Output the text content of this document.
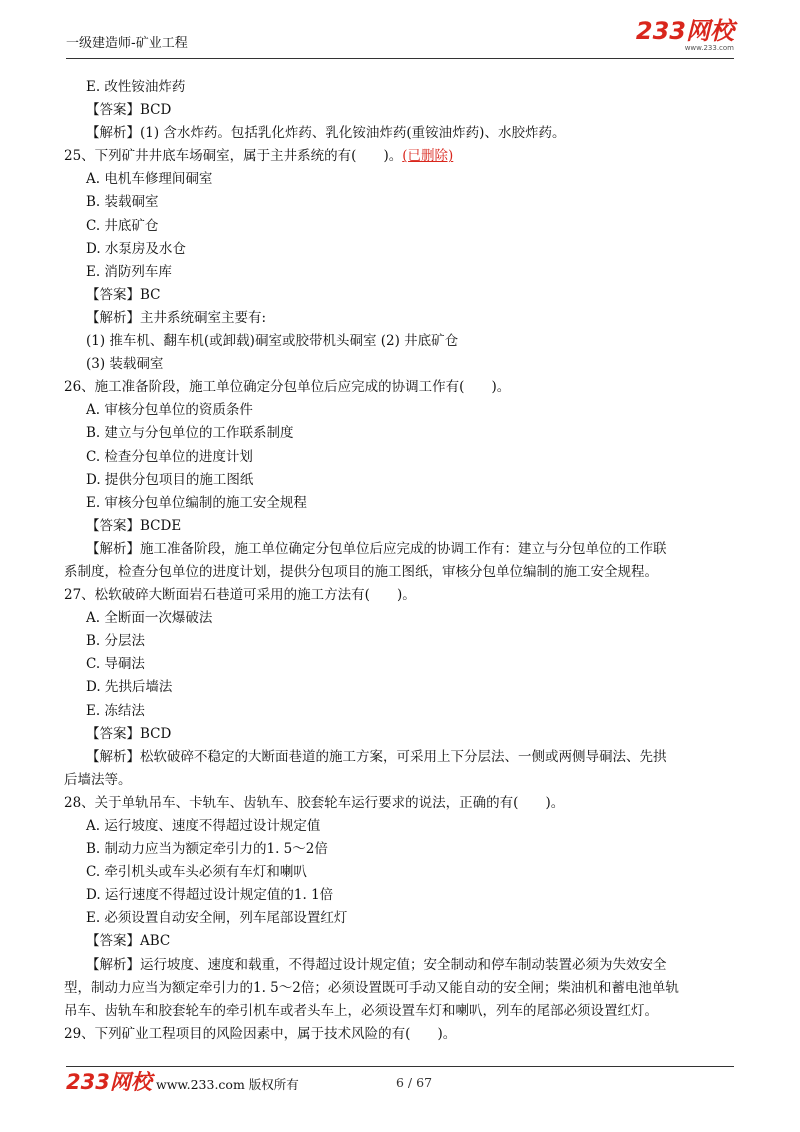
一级建造师-矿业工程	233网校
www.233.com
E. 改性铵油炸药
【答案】BCD
【解析】(1) 含水炸药。包括乳化炸药、乳化铵油炸药(重铵油炸药)、水胶炸药。
25、下列矿井井底车场硐室，属于主井系统的有(　　)。(已删除)
A. 电机车修理间硐室
B. 装载硐室
C. 井底矿仓
D. 水泵房及水仓
E. 消防列车库
【答案】BC
【解析】主井系统硐室主要有:
(1) 推车机、翻车机(或卸载)硐室或胶带机头硐室 (2) 井底矿仓
(3) 装载硐室
26、施工准备阶段，施工单位确定分包单位后应完成的协调工作有(　　)。
A. 审核分包单位的资质条件
B. 建立与分包单位的工作联系制度
C. 检查分包单位的进度计划
D. 提供分包项目的施工图纸
E. 审核分包单位编制的施工安全规程
【答案】BCDE
【解析】施工准备阶段，施工单位确定分包单位后应完成的协调工作有：建立与分包单位的工作联
系制度，检查分包单位的进度计划，提供分包项目的施工图纸，审核分包单位编制的施工安全规程。
27、松软破碎大断面岩石巷道可采用的施工方法有(　　)。
A. 全断面一次爆破法
B. 分层法
C. 导硐法
D. 先拱后墙法
E. 冻结法
【答案】BCD
【解析】松软破碎不稳定的大断面巷道的施工方案，可采用上下分层法、一侧或两侧导硐法、先拱
后墙法等。
28、关于单轨吊车、卡轨车、齿轨车、胶套轮车运行要求的说法，正确的有(　　)。
A. 运行坡度、速度不得超过设计规定值
B. 制动力应当为额定牵引力的1. 5～2倍
C. 牵引机头或车头必须有车灯和喇叭
D. 运行速度不得超过设计规定值的1. 1倍
E. 必须设置自动安全闸，列车尾部设置红灯
【答案】ABC
【解析】运行坡度、速度和载重，不得超过设计规定值；安全制动和停车制动装置必须为失效安全
型，制动力应当为额定牵引力的1. 5～2倍；必须设置既可手动又能自动的安全闸；柴油机和蓄电池单轨
吊车、齿轨车和胶套轮车的牵引机车或者头车上，必须设置车灯和喇叭，列车的尾部必须设置红灯。
29、下列矿业工程项目的风险因素中，属于技术风险的有(　　)。
233网校 www.233.com 版权所有	6 / 67
